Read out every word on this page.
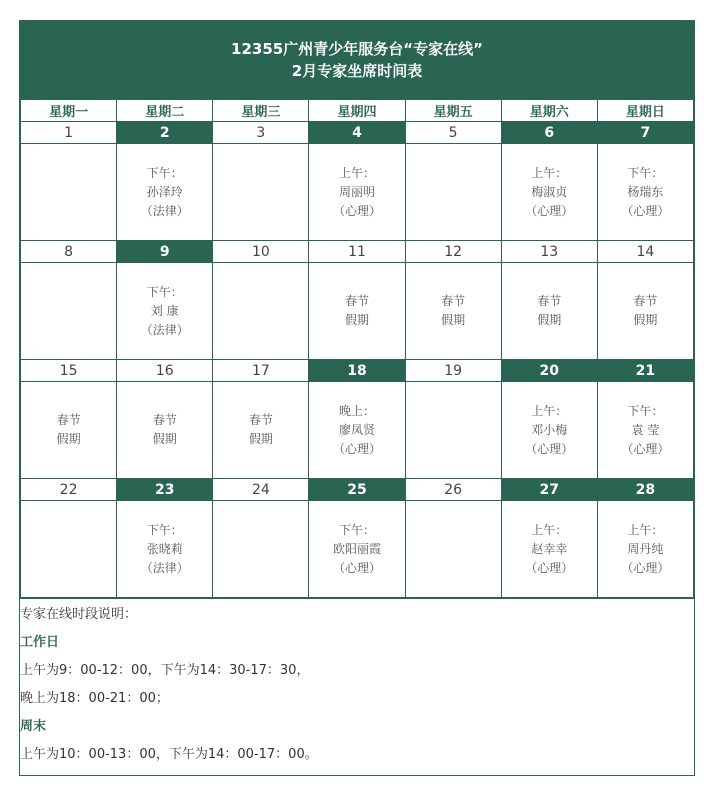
12355广州青少年服务台“专家在线”
2月专家坐席时间表
星期一	星期二	星期三	星期四	星期五	星期六	星期日
1	2	3	4	5	6	7

	下午：
孙泽玲
（法律）		上午：
周丽明
（心理）		上午：
梅淑贞
（心理）	下午：
杨瑞东
（心理）

8	9	10	11	12	13	14

	下午：
刘 康
（法律）		春节
假期	春节
假期	春节
假期	春节
假期

15	16	17	18	19	20	21

春节
假期	春节
假期	春节
假期	晚上：
廖凤贤
（心理）		上午：
邓小梅
（心理）	下午：
袁 莹
（心理）

22	23	24	25	26	27	28

	下午：
张晓莉
（法律）		下午：
欧阳丽霞
（心理）		上午：
赵幸幸
（心理）	上午：
周丹纯
（心理）
专家在线时段说明：
工作日
上午为9：00-12：00，下午为14：30-17：30，
晚上为18：00-21：00；
周末
上午为10：00-13：00，下午为14：00-17：00。
